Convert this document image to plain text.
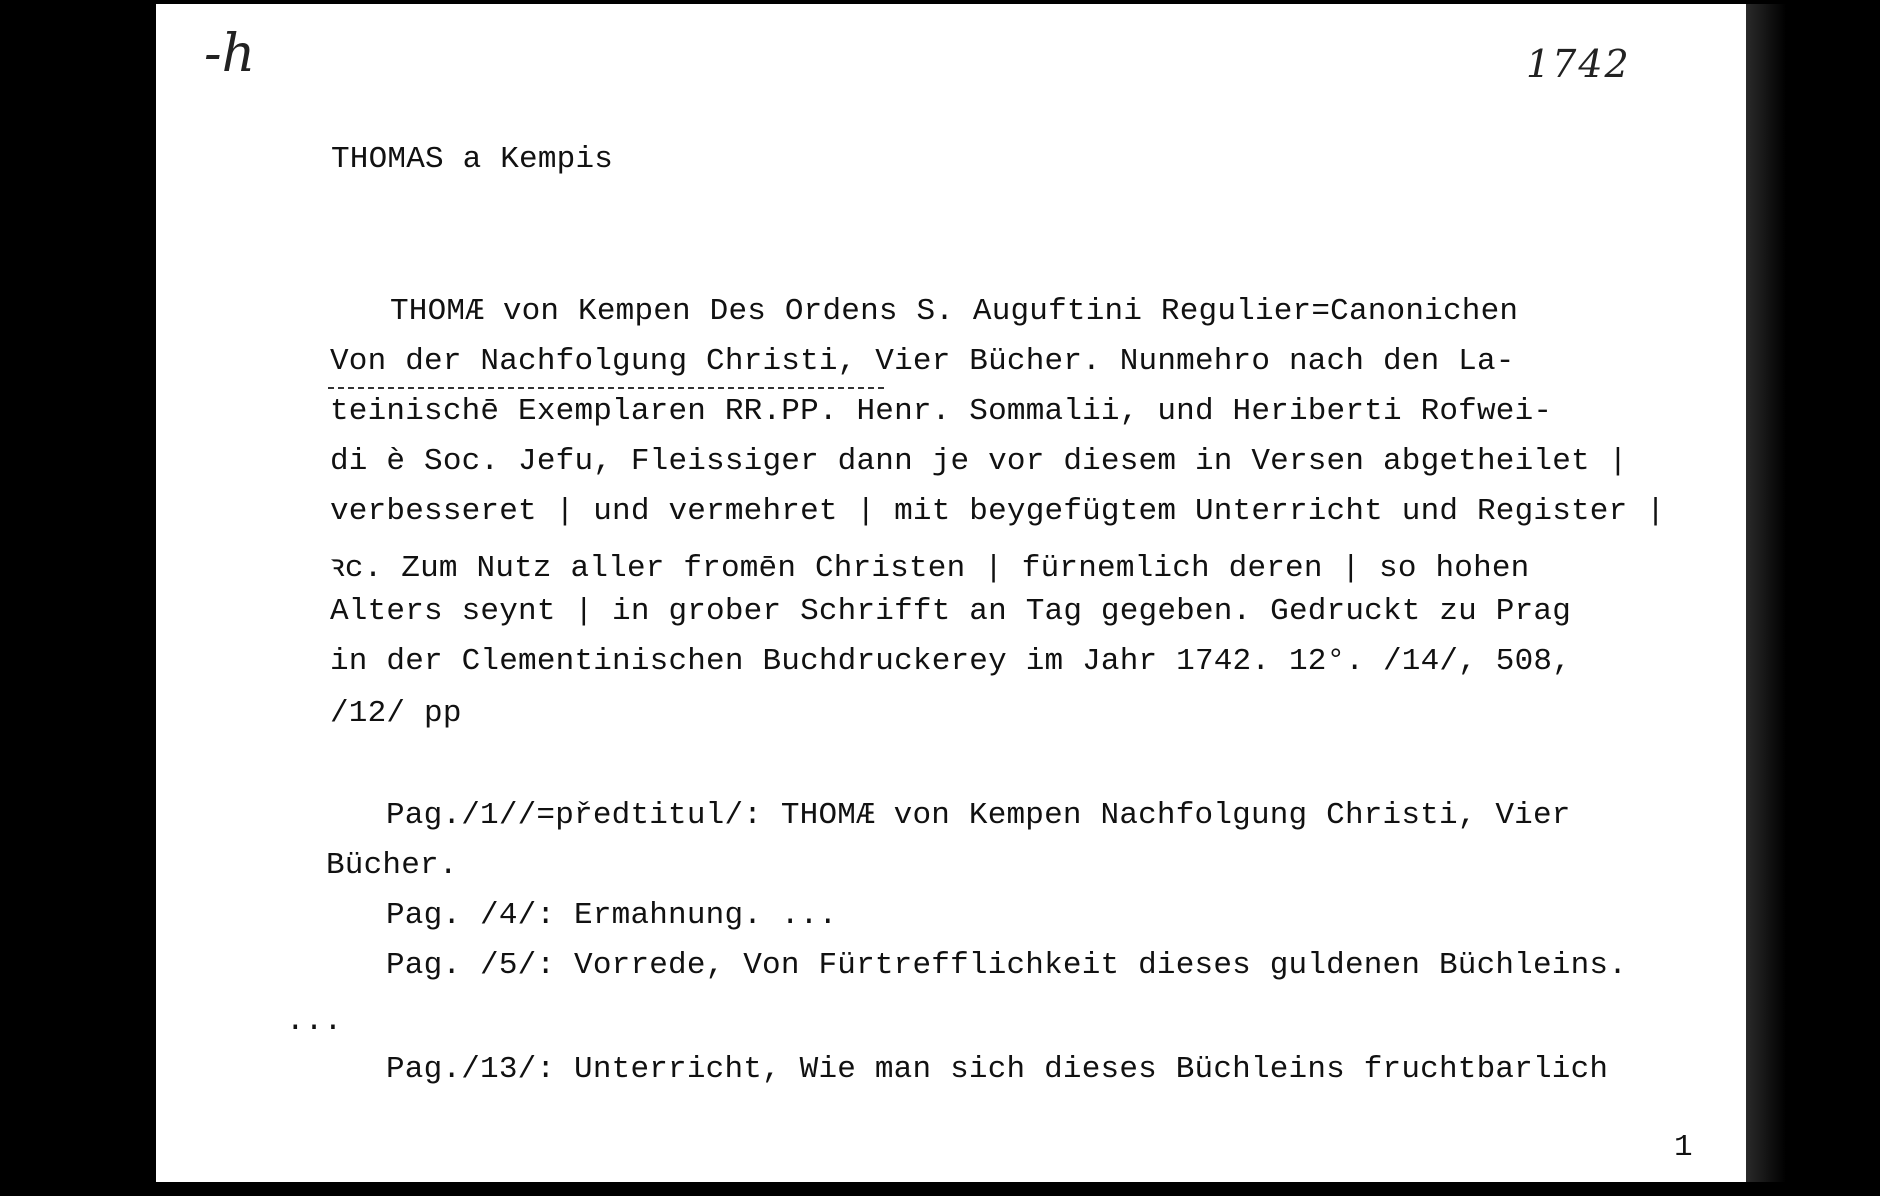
-h	1742
THOMAS a Kempis
THOMÆ von Kempen Des Ordens S. Auguftini Regulier=Canonichen
Von der Nachfolgung Christi, Vier Bücher. Nunmehro nach den La-
teinischē Exemplaren RR.PP. Henr. Sommalii, und Heriberti Rofwei-
di è Soc. Jefu, Fleissiger dann je vor diesem in Versen abgetheilet |
verbesseret | und vermehret | mit beygefügtem Unterricht und Register |
ꝛc. Zum Nutz aller fromēn Christen | fürnemlich deren | so hohen
Alters seynt | in grober Schrifft an Tag gegeben. Gedruckt zu Prag
in der Clementinischen Buchdruckerey im Jahr 1742. 12°. /14/, 508,
/12/ pp
Pag./1//=předtitul/: THOMÆ von Kempen Nachfolgung Christi, Vier
Bücher.
Pag. /4/: Ermahnung. ...
Pag. /5/: Vorrede, Von Fürtrefflichkeit dieses guldenen Büchleins.
...
Pag./13/: Unterricht, Wie man sich dieses Büchleins fruchtbarlich
1
